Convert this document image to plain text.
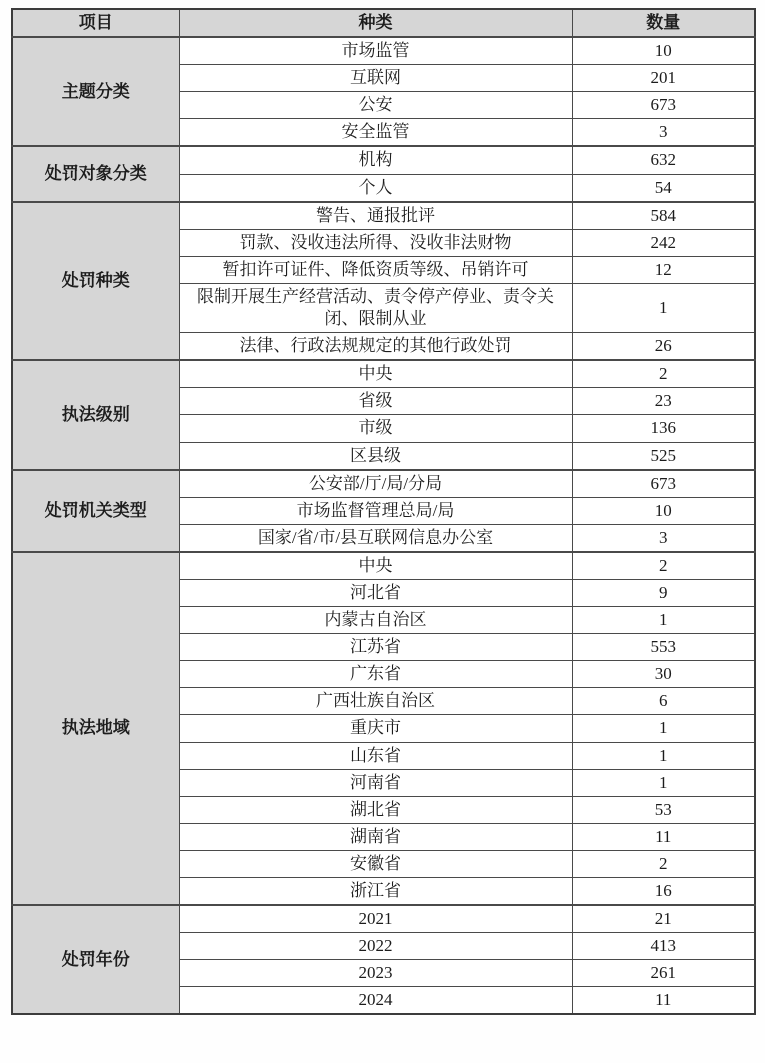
项目	种类	数量
主题分类	市场监管	10
	互联网	201
	公安	673
	安全监管	3
处罚对象分类	机构	632
	个人	54
处罚种类	警告、通报批评	584
	罚款、没收违法所得、没收非法财物	242
	暂扣许可证件、降低资质等级、吊销许可	12
	限制开展生产经营活动、责令停产停业、责令关闭、限制从业	1
	法律、行政法规规定的其他行政处罚	26
执法级别	中央	2
	省级	23
	市级	136
	区县级	525
处罚机关类型	公安部/厅/局/分局	673
	市场监督管理总局/局	10
	国家/省/市/县互联网信息办公室	3
执法地域	中央	2
	河北省	9
	内蒙古自治区	1
	江苏省	553
	广东省	30
	广西壮族自治区	6
	重庆市	1
	山东省	1
	河南省	1
	湖北省	53
	湖南省	11
	安徽省	2
	浙江省	16
处罚年份	2021	21
	2022	413
	2023	261
	2024	11
